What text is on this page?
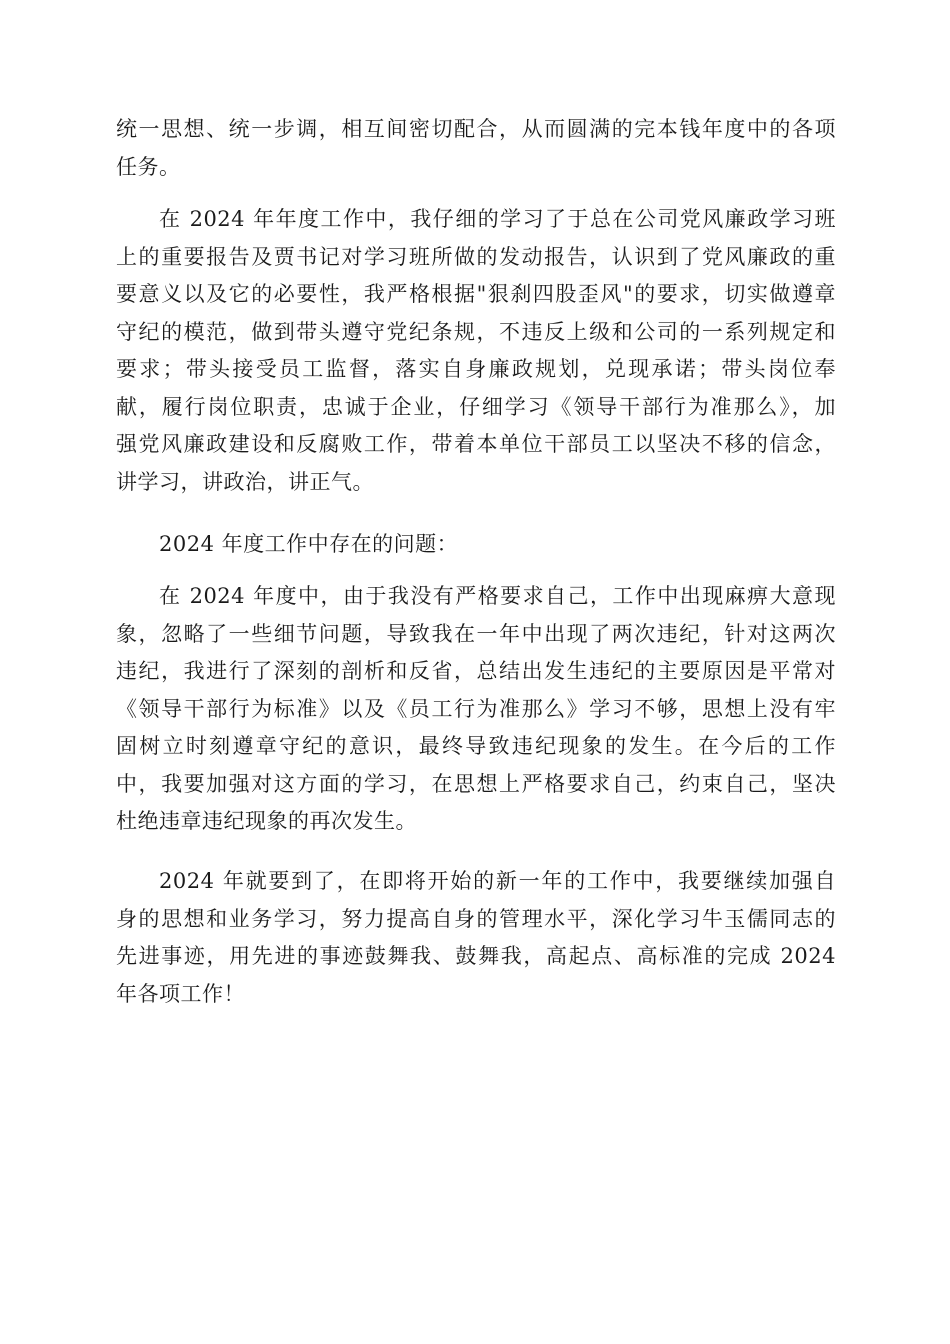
统一思想、统一步调，相互间密切配合，从而圆满的完本钱年度中的各项
任务。
在 2024 年年度工作中，我仔细的学习了于总在公司党风廉政学习班
上的重要报告及贾书记对学习班所做的发动报告，认识到了党风廉政的重
要意义以及它的必要性，我严格根据"狠刹四股歪风"的要求，切实做遵章
守纪的模范，做到带头遵守党纪条规，不违反上级和公司的一系列规定和
要求；带头接受员工监督，落实自身廉政规划，兑现承诺；带头岗位奉
献，履行岗位职责，忠诚于企业，仔细学习《领导干部行为准那么》，加
强党风廉政建设和反腐败工作，带着本单位干部员工以坚决不移的信念，
讲学习，讲政治，讲正气。
2024 年度工作中存在的问题：
在 2024 年度中，由于我没有严格要求自己，工作中出现麻痹大意现
象，忽略了一些细节问题，导致我在一年中出现了两次违纪，针对这两次
违纪，我进行了深刻的剖析和反省，总结出发生违纪的主要原因是平常对
《领导干部行为标准》以及《员工行为准那么》学习不够，思想上没有牢
固树立时刻遵章守纪的意识，最终导致违纪现象的发生。在今后的工作
中，我要加强对这方面的学习，在思想上严格要求自己，约束自己，坚决
杜绝违章违纪现象的再次发生。
2024 年就要到了，在即将开始的新一年的工作中，我要继续加强自
身的思想和业务学习，努力提高自身的管理水平，深化学习牛玉儒同志的
先进事迹，用先进的事迹鼓舞我、鼓舞我，高起点、高标准的完成 2024
年各项工作！
